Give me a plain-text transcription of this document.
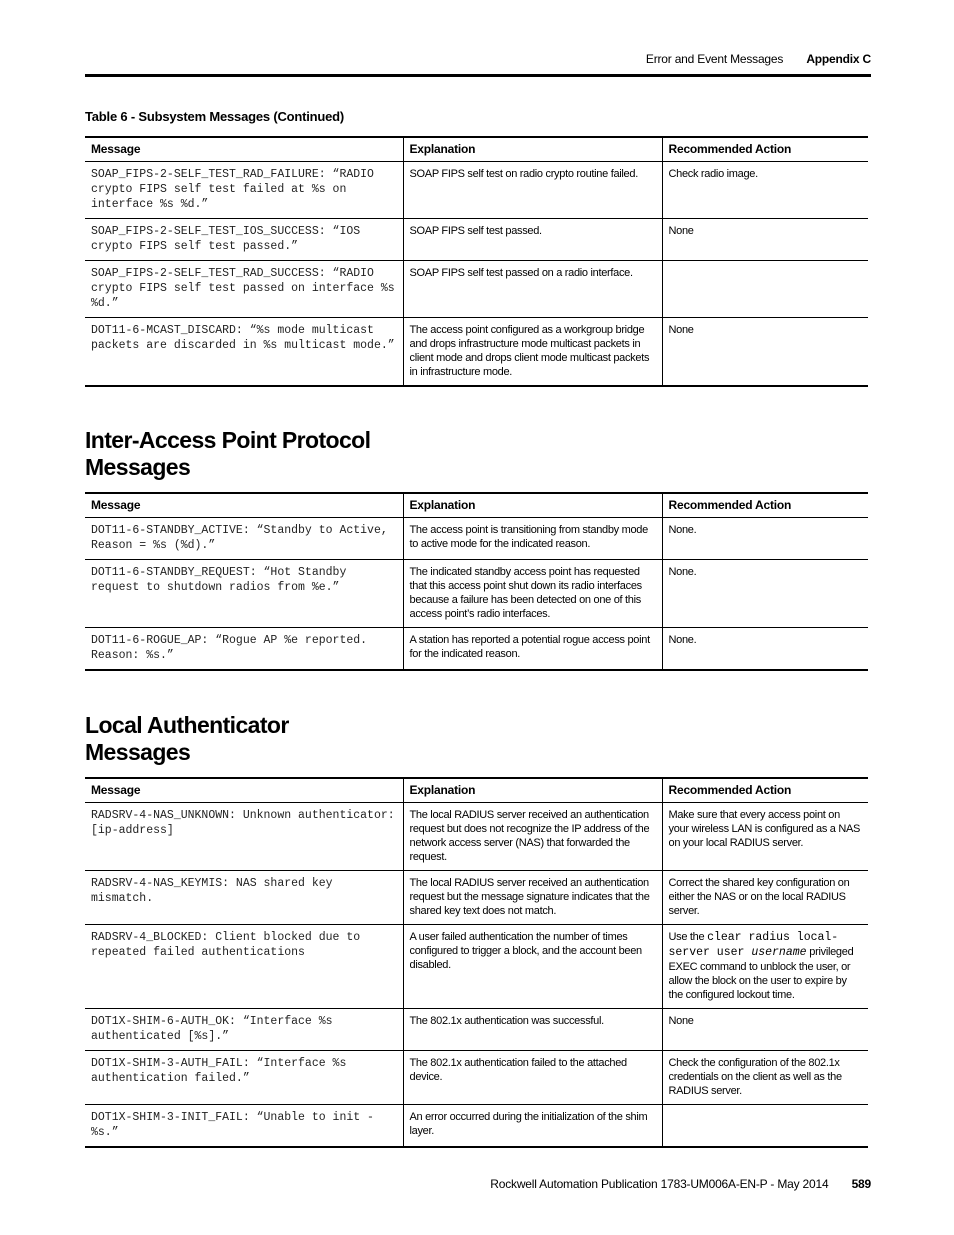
Error and Event Messages Appendix C
Table 6 - Subsystem Messages (Continued)
Message	Explanation	Recommended Action
SOAP_FIPS-2-SELF_TEST_RAD_FAILURE: “RADIO crypto FIPS self test failed at %s on interface %s %d.”	SOAP FIPS self test on radio crypto routine failed.	Check radio image.
SOAP_FIPS-2-SELF_TEST_IOS_SUCCESS: “IOS crypto FIPS self test passed.”	SOAP FIPS self test passed.	None
SOAP_FIPS-2-SELF_TEST_RAD_SUCCESS: “RADIO crypto FIPS self test passed on interface %s %d.”	SOAP FIPS self test passed on a radio interface.	
DOT11-6-MCAST_DISCARD: “%s mode multicast packets are discarded in %s multicast mode.”	The access point configured as a workgroup bridge and drops infrastructure mode multicast packets in client mode and drops client mode multicast packets in infrastructure mode.	None
Inter-Access Point Protocol
Messages
Message	Explanation	Recommended Action
DOT11-6-STANDBY_ACTIVE: “Standby to Active, Reason = %s (%d).”	The access point is transitioning from standby mode to active mode for the indicated reason.	None.
DOT11-6-STANDBY_REQUEST: “Hot Standby request to shutdown radios from %e.”	The indicated standby access point has requested that this access point shut down its radio interfaces because a failure has been detected on one of this access point’s radio interfaces.	None.
DOT11-6-ROGUE_AP: “Rogue AP %e reported. Reason: %s.”	A station has reported a potential rogue access point for the indicated reason.	None.
Local Authenticator
Messages
Message	Explanation	Recommended Action
RADSRV-4-NAS_UNKNOWN: Unknown authenticator: [ip-address]	The local RADIUS server received an authentication request but does not recognize the IP address of the network access server (NAS) that forwarded the request.	Make sure that every access point on your wireless LAN is configured as a NAS on your local RADIUS server.
RADSRV-4-NAS_KEYMIS: NAS shared key mismatch.	The local RADIUS server received an authentication request but the message signature indicates that the shared key text does not match.	Correct the shared key configuration on either the NAS or on the local RADIUS server.
RADSRV-4_BLOCKED: Client blocked due to repeated failed authentications	A user failed authentication the number of times configured to trigger a block, and the account been disabled.	Use the clear radius local-server user username privileged EXEC command to unblock the user, or allow the block on the user to expire by the configured lockout time.
DOT1X-SHIM-6-AUTH_OK: “Interface %s authenticated [%s].”	The 802.1x authentication was successful.	None
DOT1X-SHIM-3-AUTH_FAIL: “Interface %s authentication failed.”	The 802.1x authentication failed to the attached device.	Check the configuration of the 802.1x credentials on the client as well as the RADIUS server.
DOT1X-SHIM-3-INIT_FAIL: “Unable to init - %s.”	An error occurred during the initialization of the shim layer.	
Rockwell Automation Publication 1783-UM006A-EN-P - May 2014 589
